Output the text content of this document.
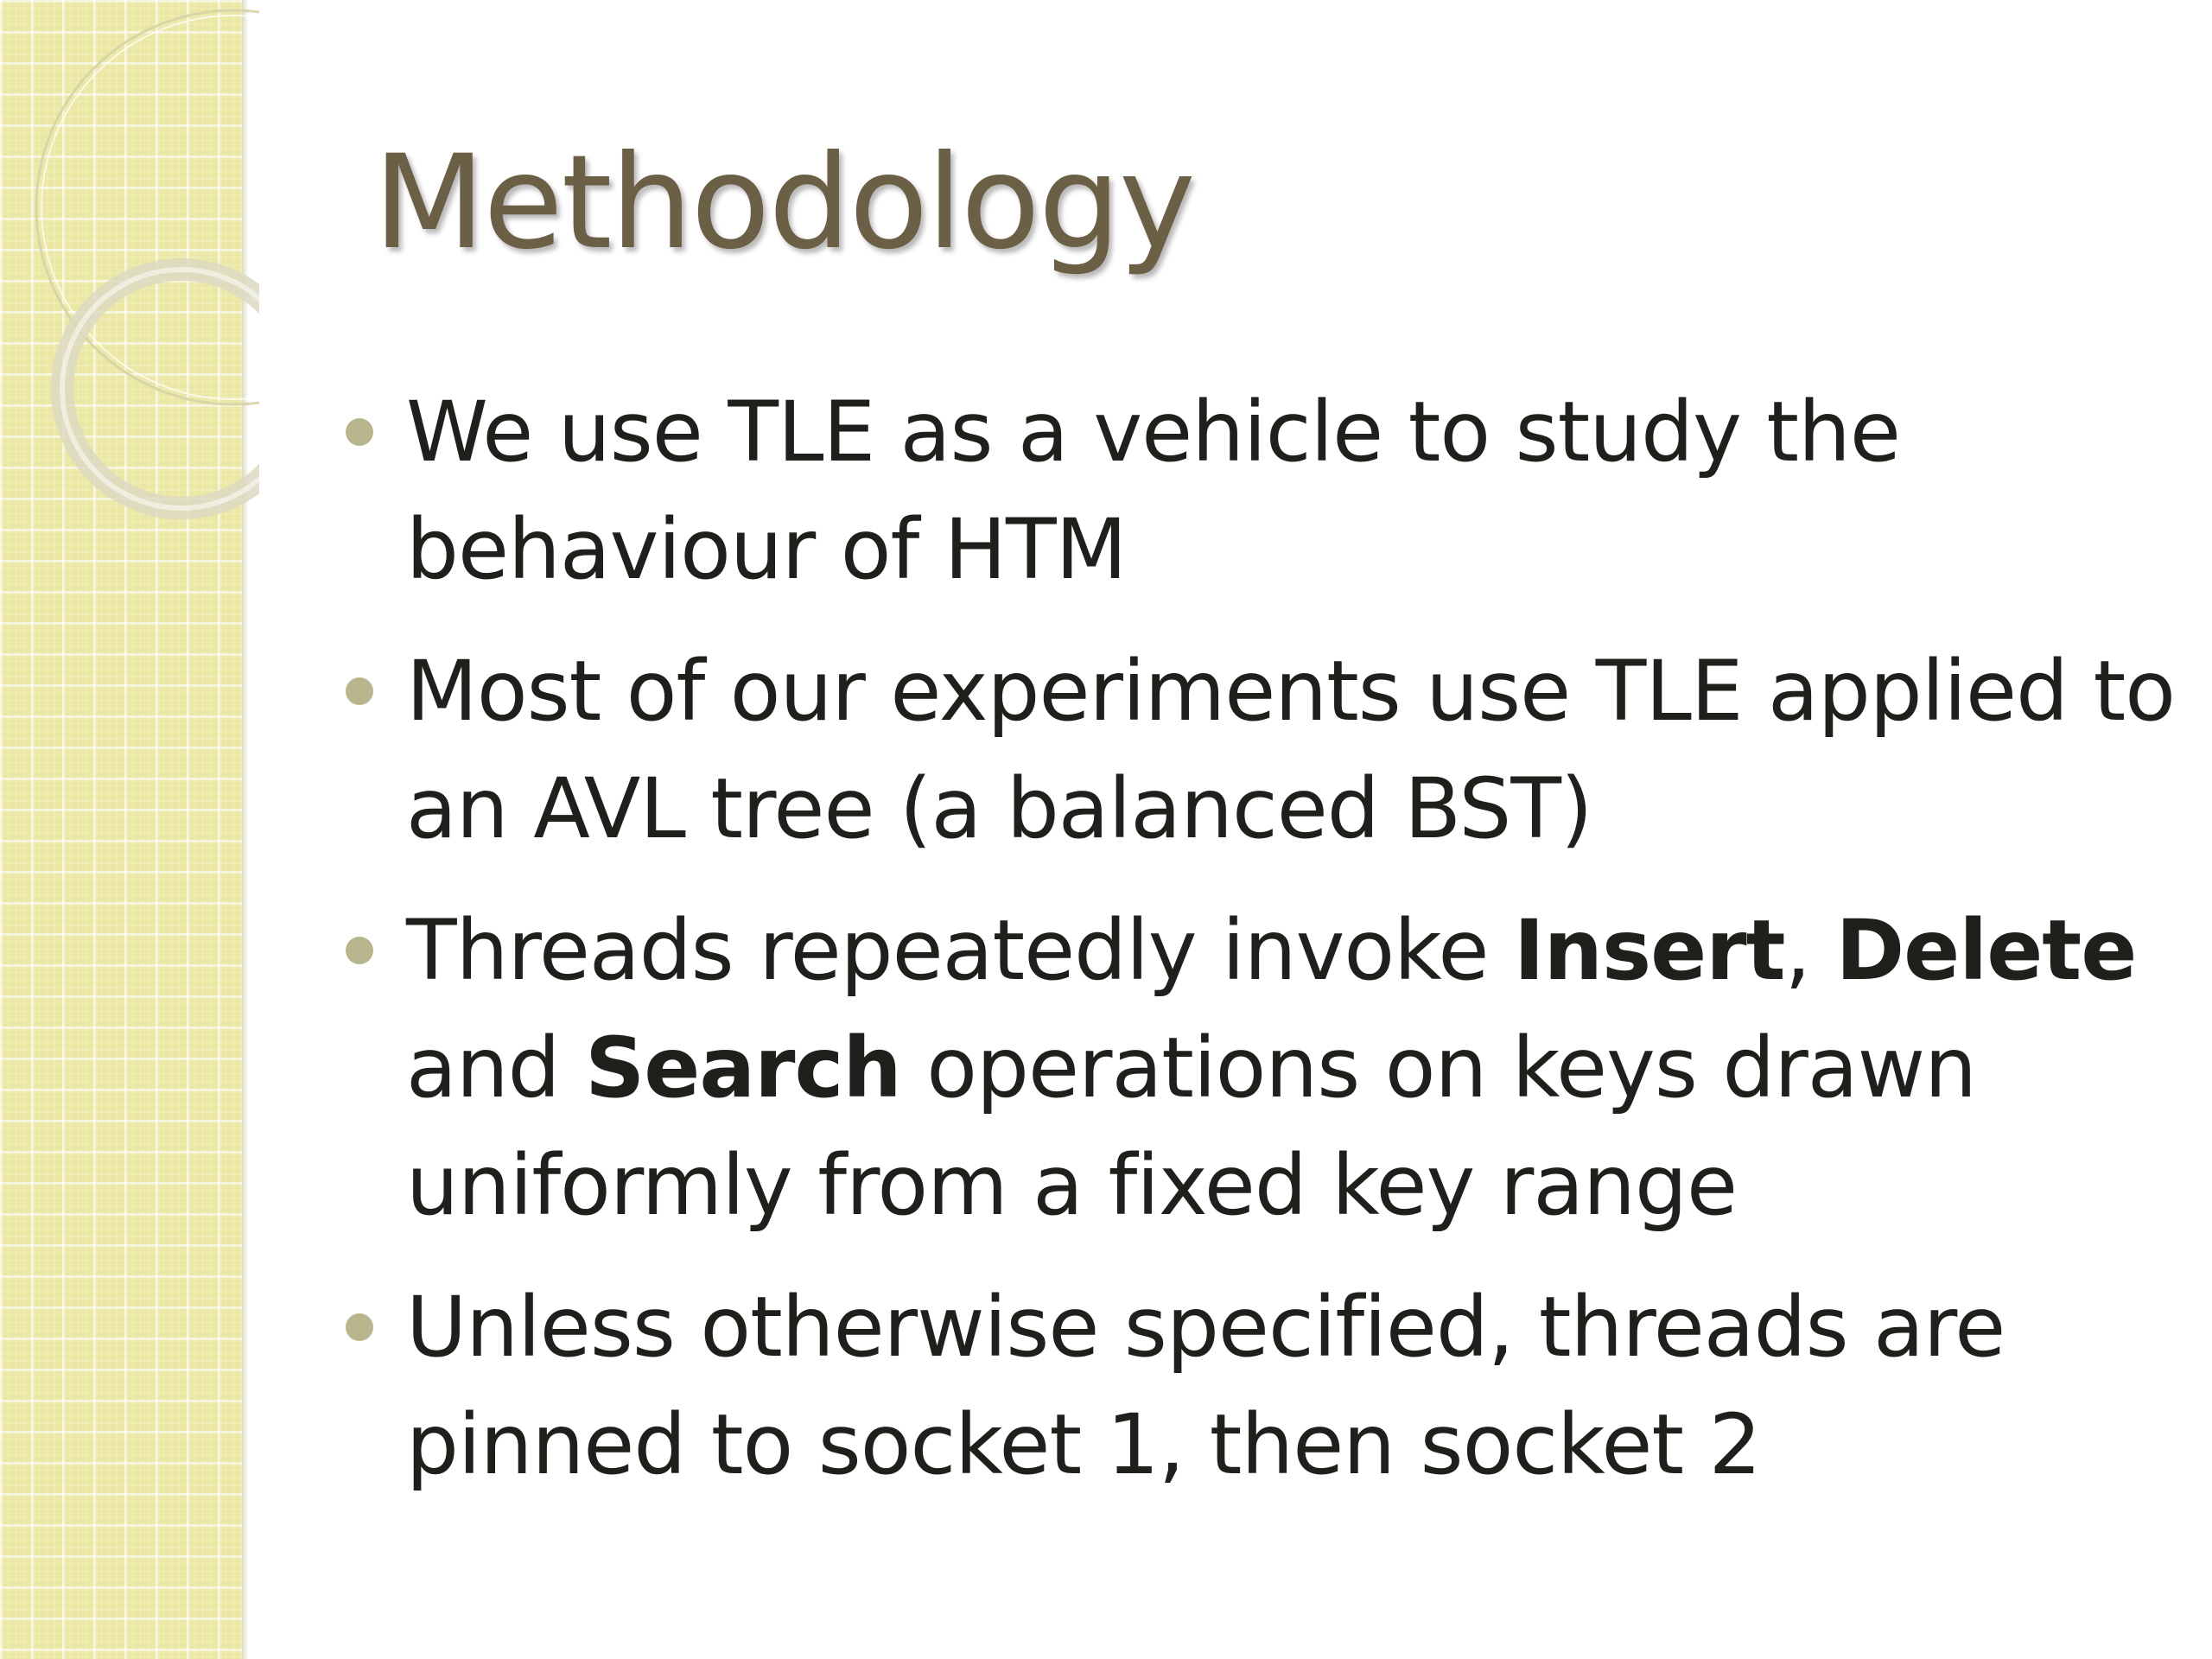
Methodology
We use TLE as a vehicle to study the behaviour of HTM
Most of our experiments use TLE applied to an AVL tree (a balanced BST)
Threads repeatedly invoke Insert, Delete and Search operations on keys drawn uniformly from a fixed key range
Unless otherwise specified, threads are pinned to socket 1, then socket 2
